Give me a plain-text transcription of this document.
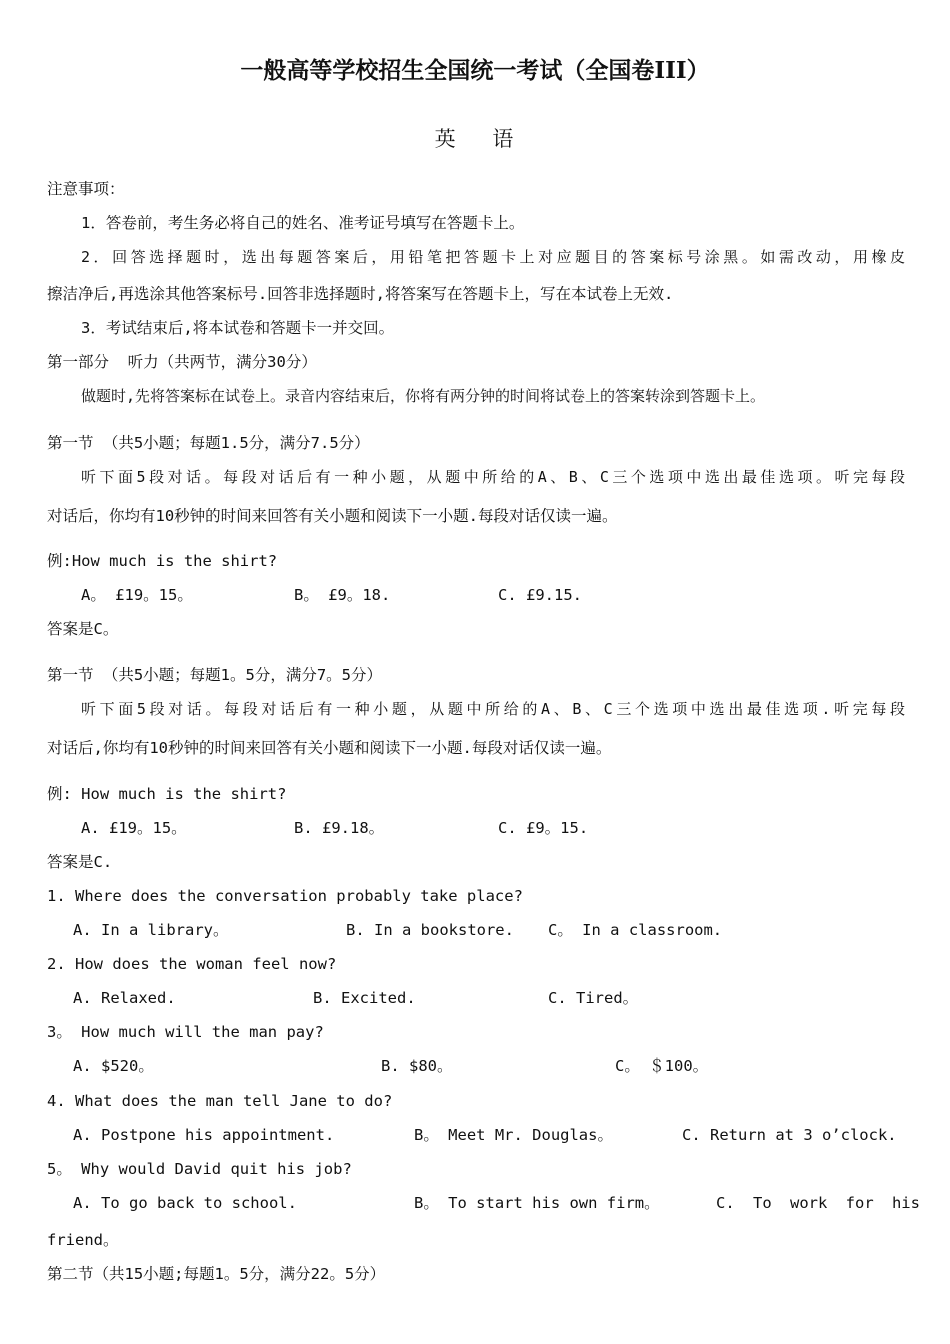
一般高等学校招生全国统一考试（全国卷III）
英    语
注意事项：
1．答卷前，考生务必将自己的姓名、准考证号填写在答题卡上。
2．回答选择题时，选出每题答案后，用铅笔把答题卡上对应题目的答案标号涂黑。如需改动，用橡皮
擦洁净后,再选涂其他答案标号.回答非选择题时,将答案写在答题卡上，写在本试卷上无效.
3．考试结束后,将本试卷和答题卡一并交回。
第一部分  听力（共两节，满分30分）
做题时,先将答案标在试卷上。录音内容结束后，你将有两分钟的时间将试卷上的答案转涂到答题卡上。
第一节 （共5小题；每题1.5分，满分7.5分）
听下面5段对话。每段对话后有一种小题，从题中所给的A、B、C三个选项中选出最佳选项。听完每段
对话后，你均有10秒钟的时间来回答有关小题和阅读下一小题.每段对话仅读一遍。
例:How much is the shirt?
A。 £19。15。	B。 £9。18.	C. £9.15.
答案是C。
第一节 （共5小题；每题1。5分，满分7。5分）
听下面5段对话。每段对话后有一种小题，从题中所给的A、B、C三个选项中选出最佳选项.听完每段
对话后,你均有10秒钟的时间来回答有关小题和阅读下一小题.每段对话仅读一遍。
例: How much is the shirt?
A. £19。15。	B. £9.18。	C. £9。15.
答案是C.
1. Where does the conversation probably take place?
A. In a library。	B. In a bookstore. C。 In a classroom.
2. How does the woman feel now?
A. Relaxed.	B. Excited.	C. Tired。
3。 How much will the man pay?
A. $520。	B. $80。	C。 ＄100。
4. What does the man tell Jane to do?
A. Postpone his appointment.	B。 Meet Mr. Douglas。	C. Return at 3 o’clock.
5。 Why would David quit his job?
A. To go back to school.	B。 To start his own firm。	C. To work for his
friend。
第二节（共15小题;每题1。5分，满分22。5分）
